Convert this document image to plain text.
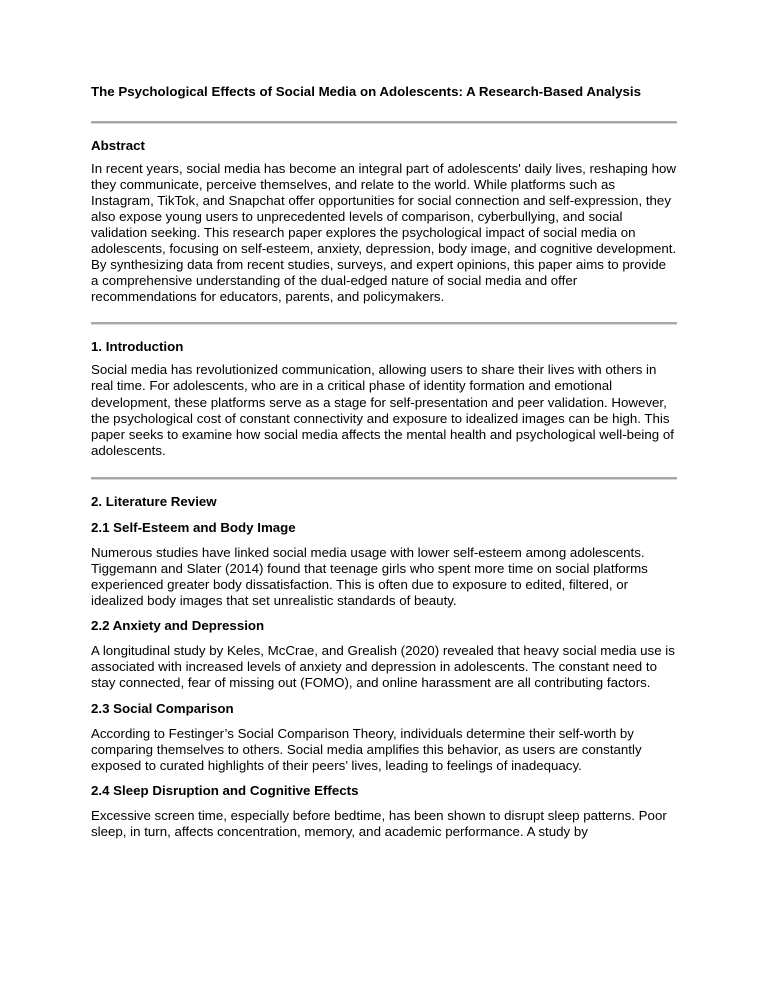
The Psychological Effects of Social Media on Adolescents: A Research-Based Analysis

Abstract

In recent years, social media has become an integral part of adolescents' daily lives, reshaping how they communicate, perceive themselves, and relate to the world. While platforms such as Instagram, TikTok, and Snapchat offer opportunities for social connection and self-expression, they also expose young users to unprecedented levels of comparison, cyberbullying, and social validation seeking. This research paper explores the psychological impact of social media on adolescents, focusing on self-esteem, anxiety, depression, body image, and cognitive development. By synthesizing data from recent studies, surveys, and expert opinions, this paper aims to provide a comprehensive understanding of the dual-edged nature of social media and offer recommendations for educators, parents, and policymakers.

1. Introduction

Social media has revolutionized communication, allowing users to share their lives with others in real time. For adolescents, who are in a critical phase of identity formation and emotional development, these platforms serve as a stage for self-presentation and peer validation. However, the psychological cost of constant connectivity and exposure to idealized images can be high. This paper seeks to examine how social media affects the mental health and psychological well-being of adolescents.

2. Literature Review
2.1 Self-Esteem and Body Image

Numerous studies have linked social media usage with lower self-esteem among adolescents. Tiggemann and Slater (2014) found that teenage girls who spent more time on social platforms experienced greater body dissatisfaction. This is often due to exposure to edited, filtered, or idealized body images that set unrealistic standards of beauty.

2.2 Anxiety and Depression

A longitudinal study by Keles, McCrae, and Grealish (2020) revealed that heavy social media use is associated with increased levels of anxiety and depression in adolescents. The constant need to stay connected, fear of missing out (FOMO), and online harassment are all contributing factors.

2.3 Social Comparison

According to Festinger’s Social Comparison Theory, individuals determine their self-worth by comparing themselves to others. Social media amplifies this behavior, as users are constantly exposed to curated highlights of their peers’ lives, leading to feelings of inadequacy.

2.4 Sleep Disruption and Cognitive Effects

Excessive screen time, especially before bedtime, has been shown to disrupt sleep patterns. Poor sleep, in turn, affects concentration, memory, and academic performance. A study by
